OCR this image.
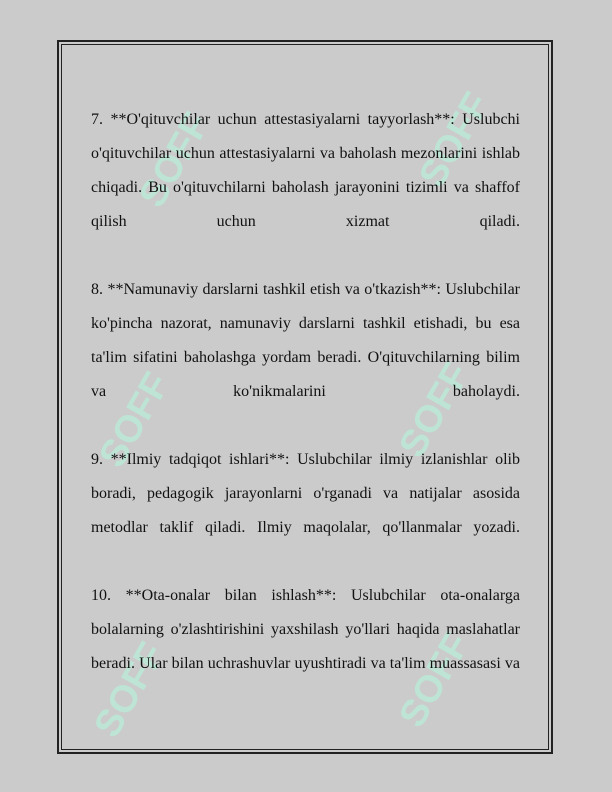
SOFF
SOFF
SOFF
SOFF
SOFF
SOFF

7. **O'qituvchilar uchun attestasiyalarni tayyorlash**: Uslubchi o'qituvchilar uchun attestasiyalarni va baholash mezonlarini ishlab chiqadi. Bu o'qituvchilarni baholash jarayonini tizimli va shaffof qilish uchun xizmat qiladi.

8. **Namunaviy darslarni tashkil etish va o'tkazish**: Uslubchilar ko'pincha nazorat, namunaviy darslarni tashkil etishadi, bu esa ta'lim sifatini baholashga yordam beradi. O'qituvchilarning bilim va ko'nikmalarini baholaydi.

9. **Ilmiy tadqiqot ishlari**: Uslubchilar ilmiy izlanishlar olib boradi, pedagogik jarayonlarni o'rganadi va natijalar asosida metodlar taklif qiladi. Ilmiy maqolalar, qo'llanmalar yozadi.

10. **Ota-onalar bilan ishlash**: Uslubchilar ota-onalarga bolalarning o'zlashtirishini yaxshilash yo'llari haqida maslahatlar beradi. Ular bilan uchrashuvlar uyushtiradi va ta'lim muassasasi va
